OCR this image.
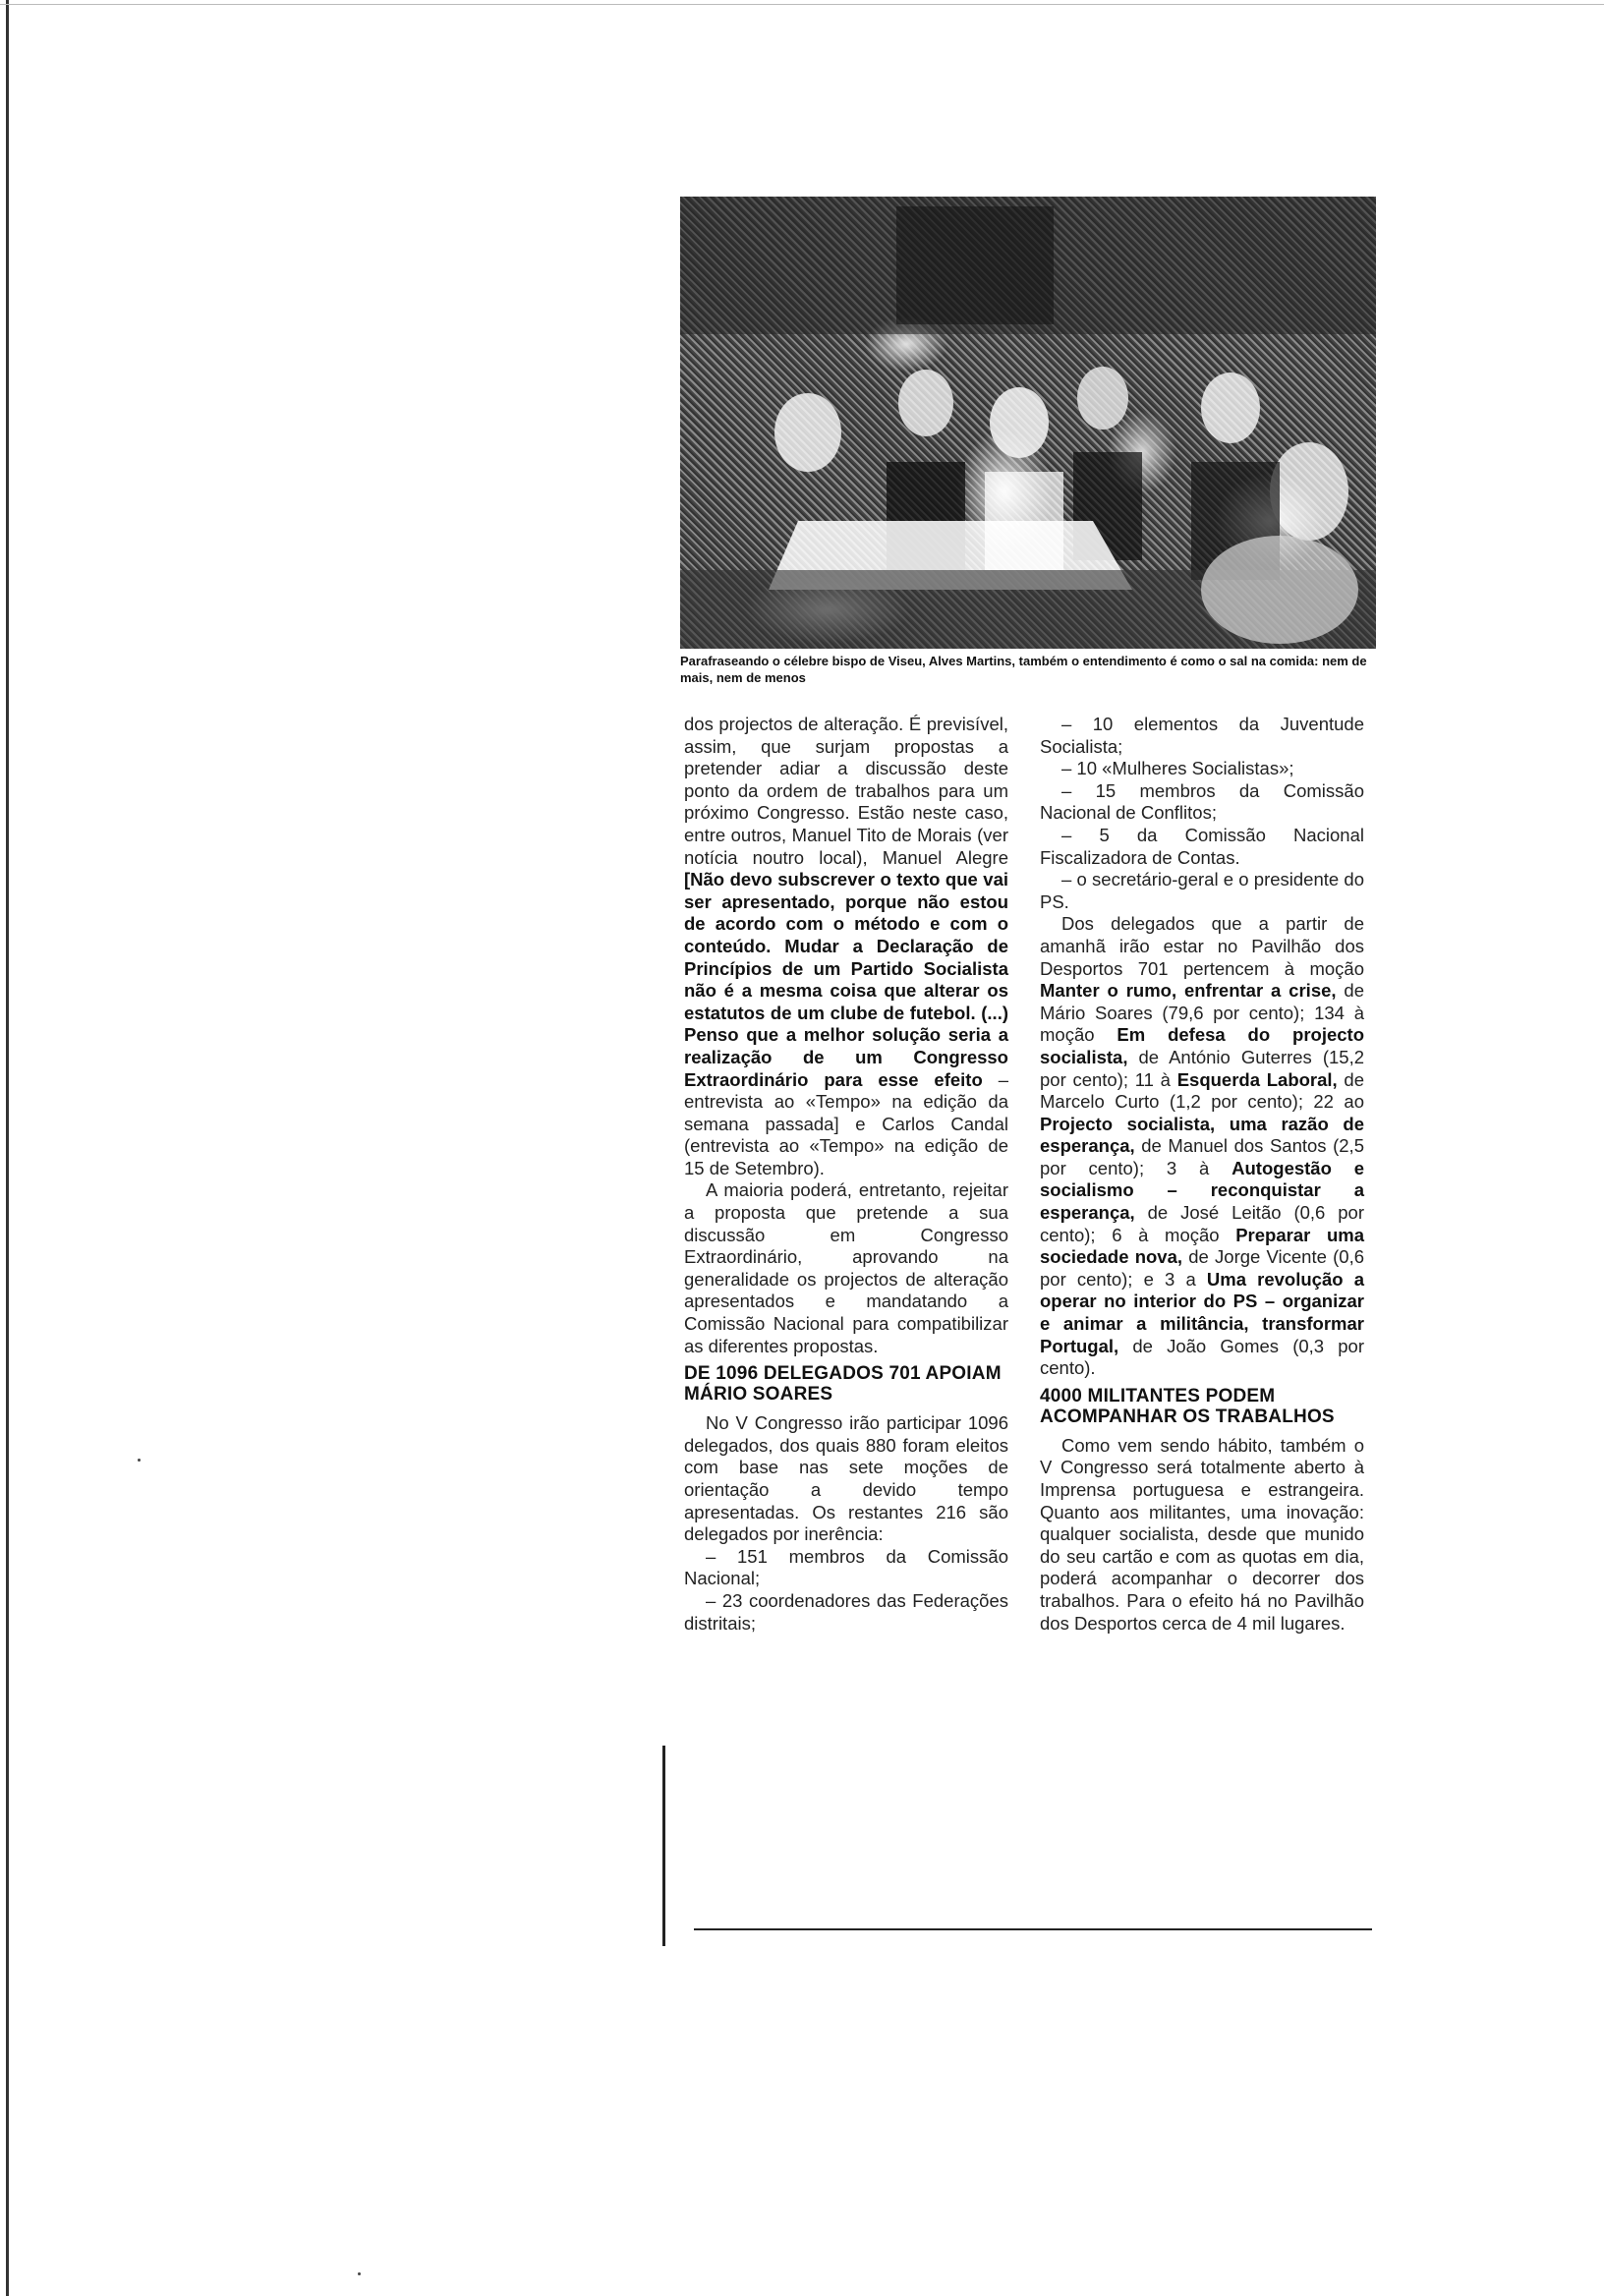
Parafraseando o célebre bispo de Viseu, Alves Martins, também o entendimento é como o sal na comida: nem de mais, nem de menos

dos projectos de alteração. É previsível, assim, que surjam propostas a pretender adiar a discussão deste ponto da ordem de trabalhos para um próximo Congresso. Estão neste caso, entre outros, Manuel Tito de Morais (ver notícia noutro local), Manuel Alegre [Não devo subscrever o texto que vai ser apresentado, porque não estou de acordo com o método e com o conteúdo. Mudar a Declaração de Princípios de um Partido Socialista não é a mesma coisa que alterar os estatutos de um clube de futebol. (...) Penso que a melhor solução seria a realização de um Congresso Extraordinário para esse efeito – entrevista ao «Tempo» na edição da semana passada] e Carlos Candal (entrevista ao «Tempo» na edição de 15 de Setembro).

A maioria poderá, entretanto, rejeitar a proposta que pretende a sua discussão em Congresso Extraordinário, aprovando na generalidade os projectos de alteração apresentados e mandatando a Comissão Nacional para compatibilizar as diferentes propostas.

DE 1096 DELEGADOS 701 APOIAM MÁRIO SOARES

No V Congresso irão participar 1096 delegados, dos quais 880 foram eleitos com base nas sete moções de orientação a devido tempo apresentadas. Os restantes 216 são delegados por inerência:

– 151 membros da Comissão Nacional;

– 23 coordenadores das Federações distritais;

– 10 elementos da Juventude Socialista;

– 10 «Mulheres Socialistas»;

– 15 membros da Comissão Nacional de Conflitos;

– 5 da Comissão Nacional Fiscalizadora de Contas.

– o secretário-geral e o presidente do PS.

Dos delegados que a partir de amanhã irão estar no Pavilhão dos Desportos 701 pertencem à moção Manter o rumo, enfrentar a crise, de Mário Soares (79,6 por cento); 134 à moção Em defesa do projecto socialista, de António Guterres (15,2 por cento); 11 à Esquerda Laboral, de Marcelo Curto (1,2 por cento); 22 ao Projecto socialista, uma razão de esperança, de Manuel dos Santos (2,5 por cento); 3 à Autogestão e socialismo – reconquistar a esperança, de José Leitão (0,6 por cento); 6 à moção Preparar uma sociedade nova, de Jorge Vicente (0,6 por cento); e 3 a Uma revolução a operar no interior do PS – organizar e animar a militância, transformar Portugal, de João Gomes (0,3 por cento).

4000 MILITANTES PODEM ACOMPANHAR OS TRABALHOS

Como vem sendo hábito, também o V Congresso será totalmente aberto à Imprensa portuguesa e estrangeira. Quanto aos militantes, uma inovação: qualquer socialista, desde que munido do seu cartão e com as quotas em dia, poderá acompanhar o decorrer dos trabalhos. Para o efeito há no Pavilhão dos Desportos cerca de 4 mil lugares.
